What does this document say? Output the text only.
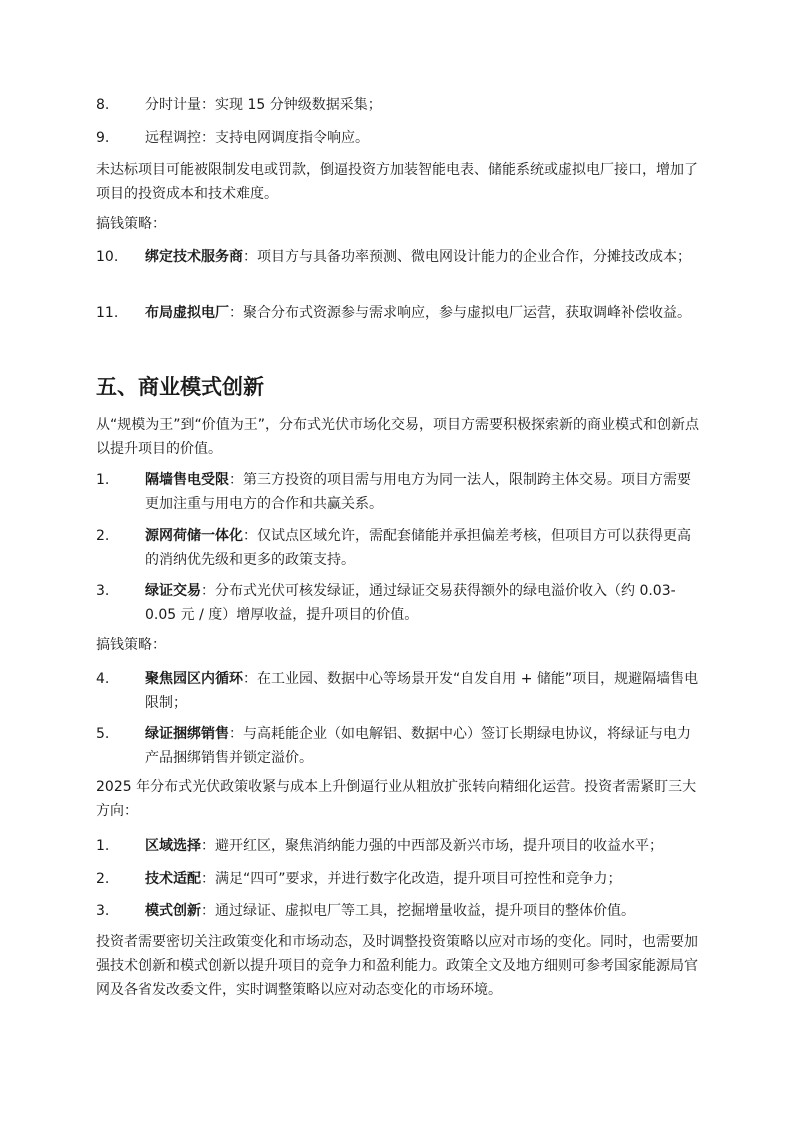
8.	分时计量：实现 15 分钟级数据采集；
9.	远程调控：支持电网调度指令响应。

未达标项目可能被限制发电或罚款，倒逼投资方加装智能电表、储能系统或虚拟电厂接口，增加了项目的投资成本和技术难度。

搞钱策略：

10.	绑定技术服务商：项目方与具备功率预测、微电网设计能力的企业合作，分摊技改成本；
11.	布局虚拟电厂：聚合分布式资源参与需求响应，参与虚拟电厂运营，获取调峰补偿收益。
五、商业模式创新

从“规模为王”到“价值为王”，分布式光伏市场化交易，项目方需要积极探索新的商业模式和创新点以提升项目的价值。

1.	隔墙售电受限：第三方投资的项目需与用电方为同一法人，限制跨主体交易。项目方需要更加注重与用电方的合作和共赢关系。
2.	源网荷储一体化：仅试点区域允许，需配套储能并承担偏差考核，但项目方可以获得更高的消纳优先级和更多的政策支持。
3.	绿证交易：分布式光伏可核发绿证，通过绿证交易获得额外的绿电溢价收入（约 0.03-0.05 元 / 度）增厚收益，提升项目的价值。

搞钱策略：

4.	聚焦园区内循环：在工业园、数据中心等场景开发“自发自用 + 储能”项目，规避隔墙售电限制；
5.	绿证捆绑销售：与高耗能企业（如电解铝、数据中心）签订长期绿电协议，将绿证与电力产品捆绑销售并锁定溢价。

2025 年分布式光伏政策收紧与成本上升倒逼行业从粗放扩张转向精细化运营。投资者需紧盯三大方向：

1.	区域选择：避开红区，聚焦消纳能力强的中西部及新兴市场，提升项目的收益水平；
2.	技术适配：满足“四可”要求，并进行数字化改造，提升项目可控性和竞争力；
3.	模式创新：通过绿证、虚拟电厂等工具，挖掘增量收益，提升项目的整体价值。

投资者需要密切关注政策变化和市场动态，及时调整投资策略以应对市场的变化。同时，也需要加强技术创新和模式创新以提升项目的竞争力和盈利能力。政策全文及地方细则可参考国家能源局官网及各省发改委文件，实时调整策略以应对动态变化的市场环境。
